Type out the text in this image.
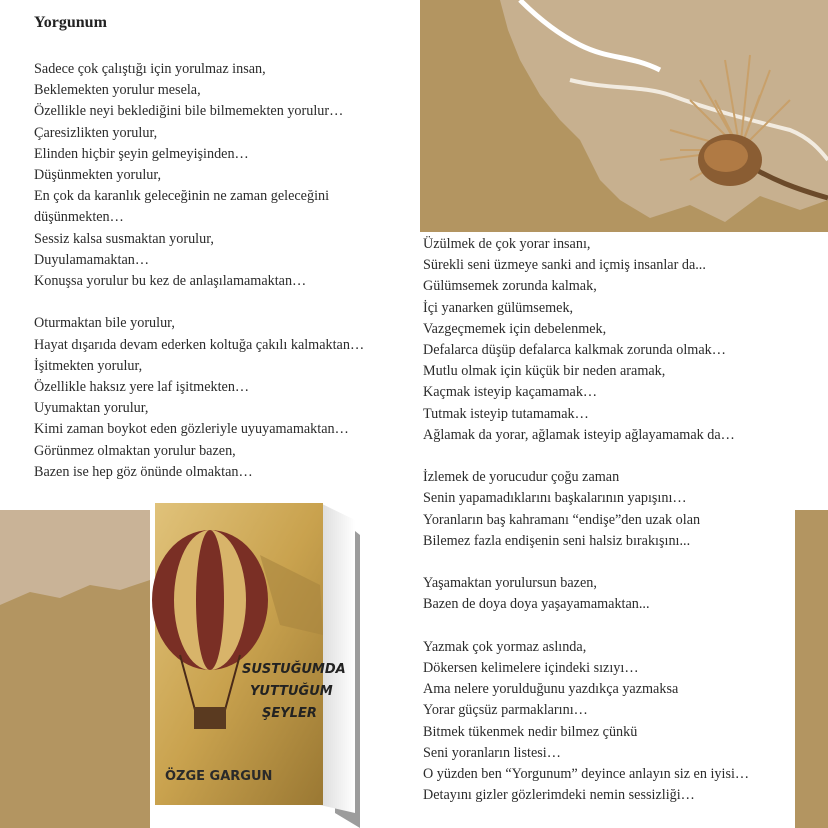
Yorgunum
Sadece çok çalıştığı için yorulmaz insan,
Beklemekten yorulur mesela,
Özellikle neyi beklediğini bile bilmemekten yorulur…
Çaresizlikten yorulur,
Elinden hiçbir şeyin gelmeyişinden…
Düşünmekten yorulur,
En çok da karanlık geleceğinin ne zaman geleceğini
düşünmekten…
Sessiz kalsa susmaktan yorulur,
Duyulamamaktan…
Konuşsa yorulur bu kez de anlaşılamamaktan…
Oturmaktan bile yorulur,
Hayat dışarıda devam ederken koltuğa çakılı kalmaktan…
İşitmekten yorulur,
Özellikle haksız yere laf işitmekten…
Uyumaktan yorulur,
Kimi zaman boykot eden gözleriyle uyuyamamaktan…
Görünmez olmaktan yorulur bazen,
Bazen ise hep göz önünde olmaktan…
Üzülmek de çok yorar insanı,
Sürekli seni üzmeye sanki and içmiş insanlar da...
Gülümsemek zorunda kalmak,
İçi yanarken gülümsemek,
Vazgeçmemek için debelenmek,
Defalarca düşüp defalarca kalkmak zorunda olmak…
Mutlu olmak için küçük bir neden aramak,
Kaçmak isteyip kaçamamak…
Tutmak isteyip tutamamak…
Ağlamak da yorar, ağlamak isteyip ağlayamamak da…
İzlemek de yorucudur çoğu zaman
Senin yapamadıklarını başkalarının yapışını…
Yoranların baş kahramanı “endişe”den uzak olan
Bilemez fazla endişenin seni halsiz bırakışını...
Yaşamaktan yorulursun bazen,
Bazen de doya doya yaşayamamaktan...
Yazmak çok yormaz aslında,
Dökersen kelimelere içindeki sızıyı…
Ama nelere yorulduğunu yazdıkça yazmaksa
Yorar güçsüz parmaklarını…
Bitmek tükenmek nedir bilmez çünkü
Seni yoranların listesi…
O yüzden ben “Yorgunum” deyince anlayın siz en iyisi…
Detayını gizler gözlerimdeki nemin sessizliği…
SUSTUĞUMDA
YUTTUĞUM
ŞEYLER
ÖZGE GARGUN
